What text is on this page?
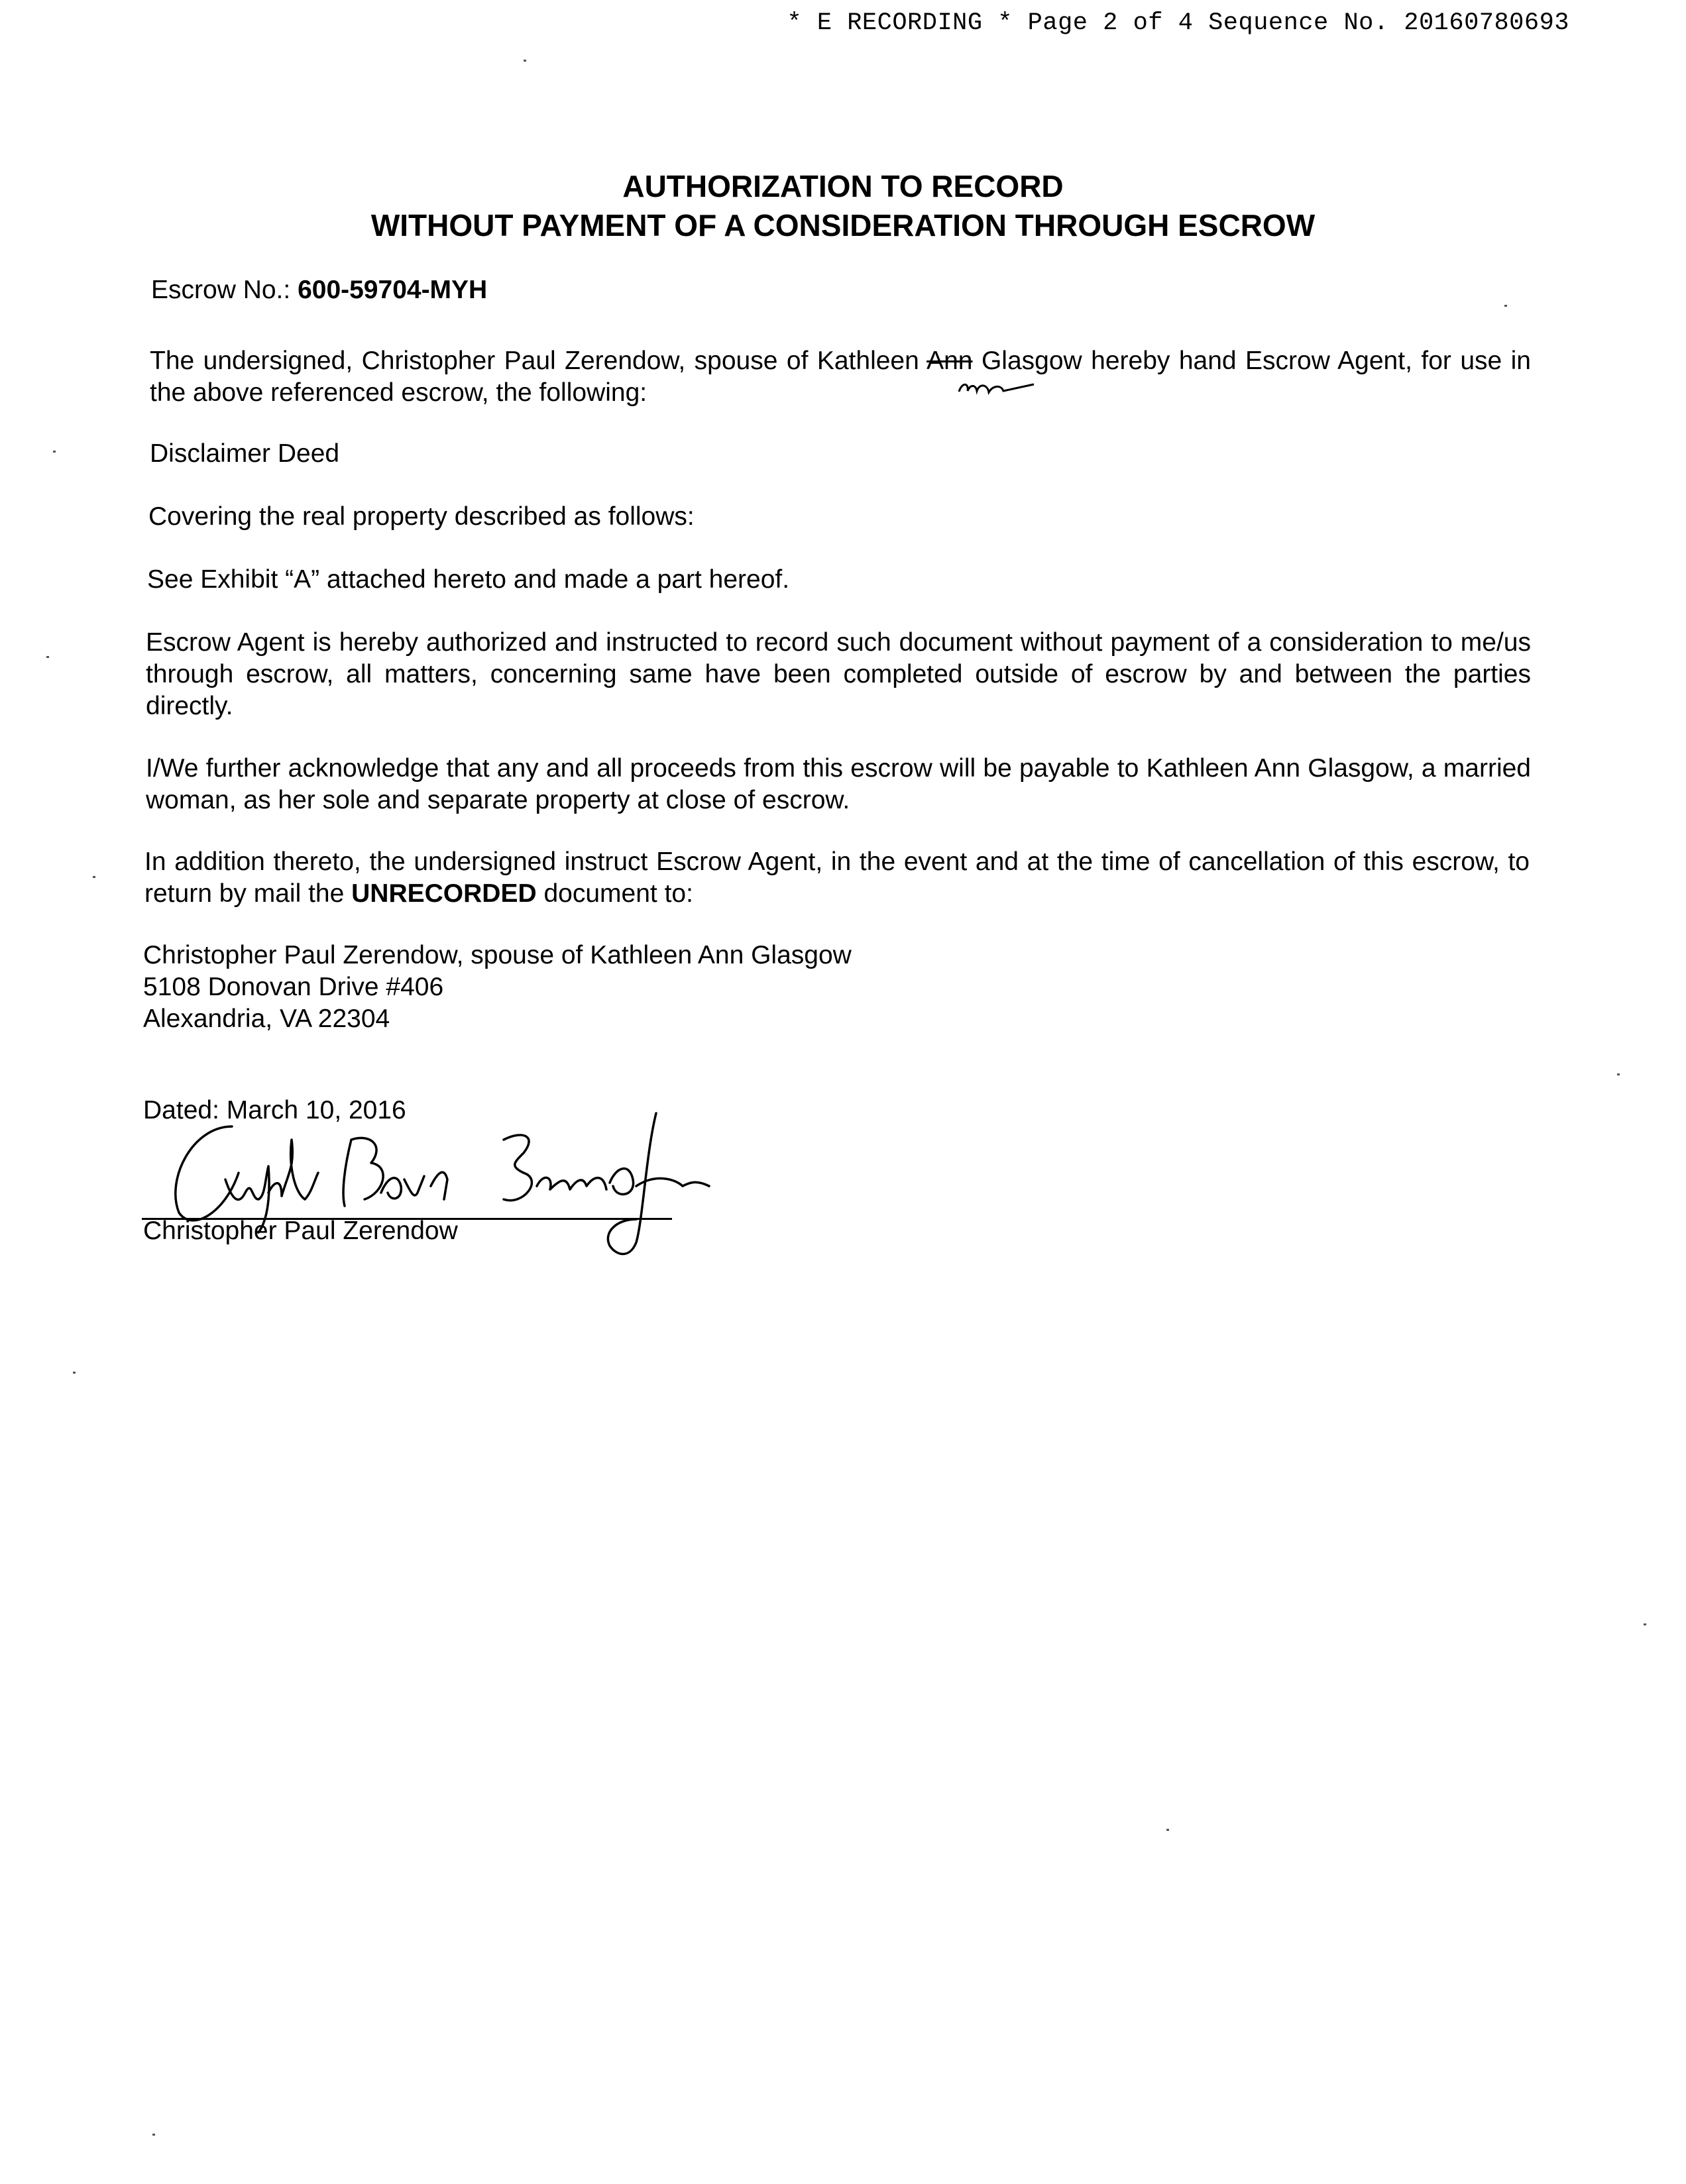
* E RECORDING * Page 2 of 4 Sequence No. 20160780693
AUTHORIZATION TO RECORD
WITHOUT PAYMENT OF A CONSIDERATION THROUGH ESCROW
Escrow No.: 600-59704-MYH
The undersigned, Christopher Paul Zerendow, spouse of Kathleen Ann Glasgow hereby hand Escrow Agent, for use in the above referenced escrow, the following:
Disclaimer Deed
Covering the real property described as follows:
See Exhibit “A” attached hereto and made a part hereof.
Escrow Agent is hereby authorized and instructed to record such document without payment of a consideration to me/us through escrow, all matters, concerning same have been completed outside of escrow by and between the parties directly.
I/We further acknowledge that any and all proceeds from this escrow will be payable to Kathleen Ann Glasgow, a married woman, as her sole and separate property at close of escrow.
In addition thereto, the undersigned instruct Escrow Agent, in the event and at the time of cancellation of this escrow, to return by mail the UNRECORDED document to:
Christopher Paul Zerendow, spouse of Kathleen Ann Glasgow
5108 Donovan Drive #406
Alexandria, VA 22304
Dated: March 10, 2016
Christopher Paul Zerendow
